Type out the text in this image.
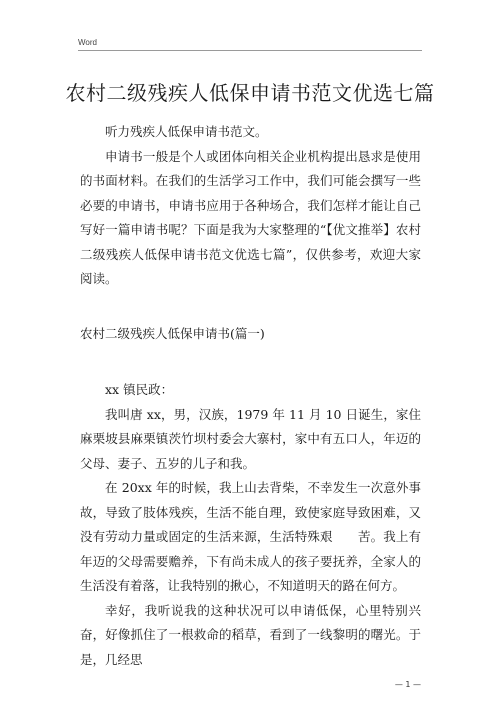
Word
农村二级残疾人低保申请书范文优选七篇

听力残疾人低保申请书范文。

申请书一般是个人或团体向相关企业机构提出恳求是使用的书面材料。在我们的生活学习工作中，我们可能会撰写一些必要的申请书，申请书应用于各种场合，我们怎样才能让自己写好一篇申请书呢？下面是我为大家整理的“【优文推举】农村二级残疾人低保申请书范文优选七篇”，仅供参考，欢迎大家阅读。

农村二级残疾人低保申请书(篇一)

xx 镇民政：

我叫唐 xx，男，汉族，1979 年 11 月 10 日诞生，家住麻栗坡县麻栗镇茨竹坝村委会大寨村，家中有五口人，年迈的父母、妻子、五岁的儿子和我。

在 20xx 年的时候，我上山去背柴，不幸发生一次意外事故，导致了肢体残疾，生活不能自理，致使家庭导致困难，又没有劳动力量或固定的生活来源，生活特殊艰　　苦。我上有年迈的父母需要赡养，下有尚未成人的孩子要抚养，全家人的生活没有着落，让我特别的揪心，不知道明天的路在何方。

幸好，我听说我的这种状况可以申请低保，心里特别兴奋，好像抓住了一根救命的稻草，看到了一线黎明的曙光。于是，几经思

— 1 —
